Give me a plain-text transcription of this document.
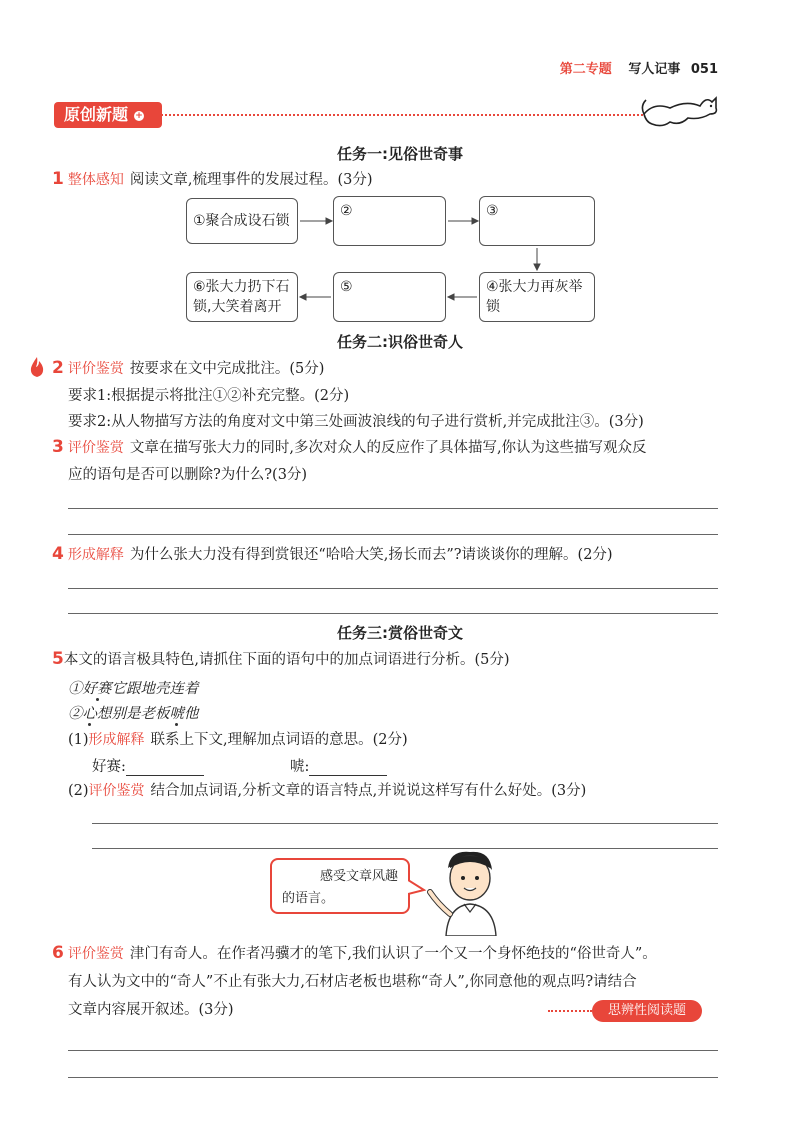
第二专题 写人记事 051
原创新题 +
任务一:见俗世奇事
1 整体感知 阅读文章,梳理事件的发展过程。(3分)
①聚合成设石锁
②	③
④张大力再灰举锁
⑤
⑥张大力扔下石锁,大笑着离开
任务二:识俗世奇人
2 评价鉴赏 按要求在文中完成批注。(5分)
要求1:根据提示将批注①②补充完整。(2分)
要求2:从人物描写方法的角度对文中第三处画波浪线的句子进行赏析,并完成批注③。(3分)
3 评价鉴赏 文章在描写张大力的同时,多次对众人的反应作了具体描写,你认为这些描写观众反
应的语句是否可以删除?为什么?(3分)
4 形成解释 为什么张大力没有得到赏银还“哈哈大笑,扬长而去”?请谈谈你的理解。(2分)
任务三:赏俗世奇文
5本文的语言极具特色,请抓住下面的语句中的加点词语进行分析。(5分)
①好赛它跟地壳连着
②心想别是老板唬他
(1)形成解释 联系上下文,理解加点词语的意思。(2分)
好赛:	唬:
(2)评价鉴赏 结合加点词语,分析文章的语言特点,并说说这样写有什么好处。(3分)
感受文章风趣
的语言。
6 评价鉴赏 津门有奇人。在作者冯骥才的笔下,我们认识了一个又一个身怀绝技的“俗世奇人”。
有人认为文中的“奇人”不止有张大力,石材店老板也堪称“奇人”,你同意他的观点吗?请结合
文章内容展开叙述。(3分)	思辨性阅读题
